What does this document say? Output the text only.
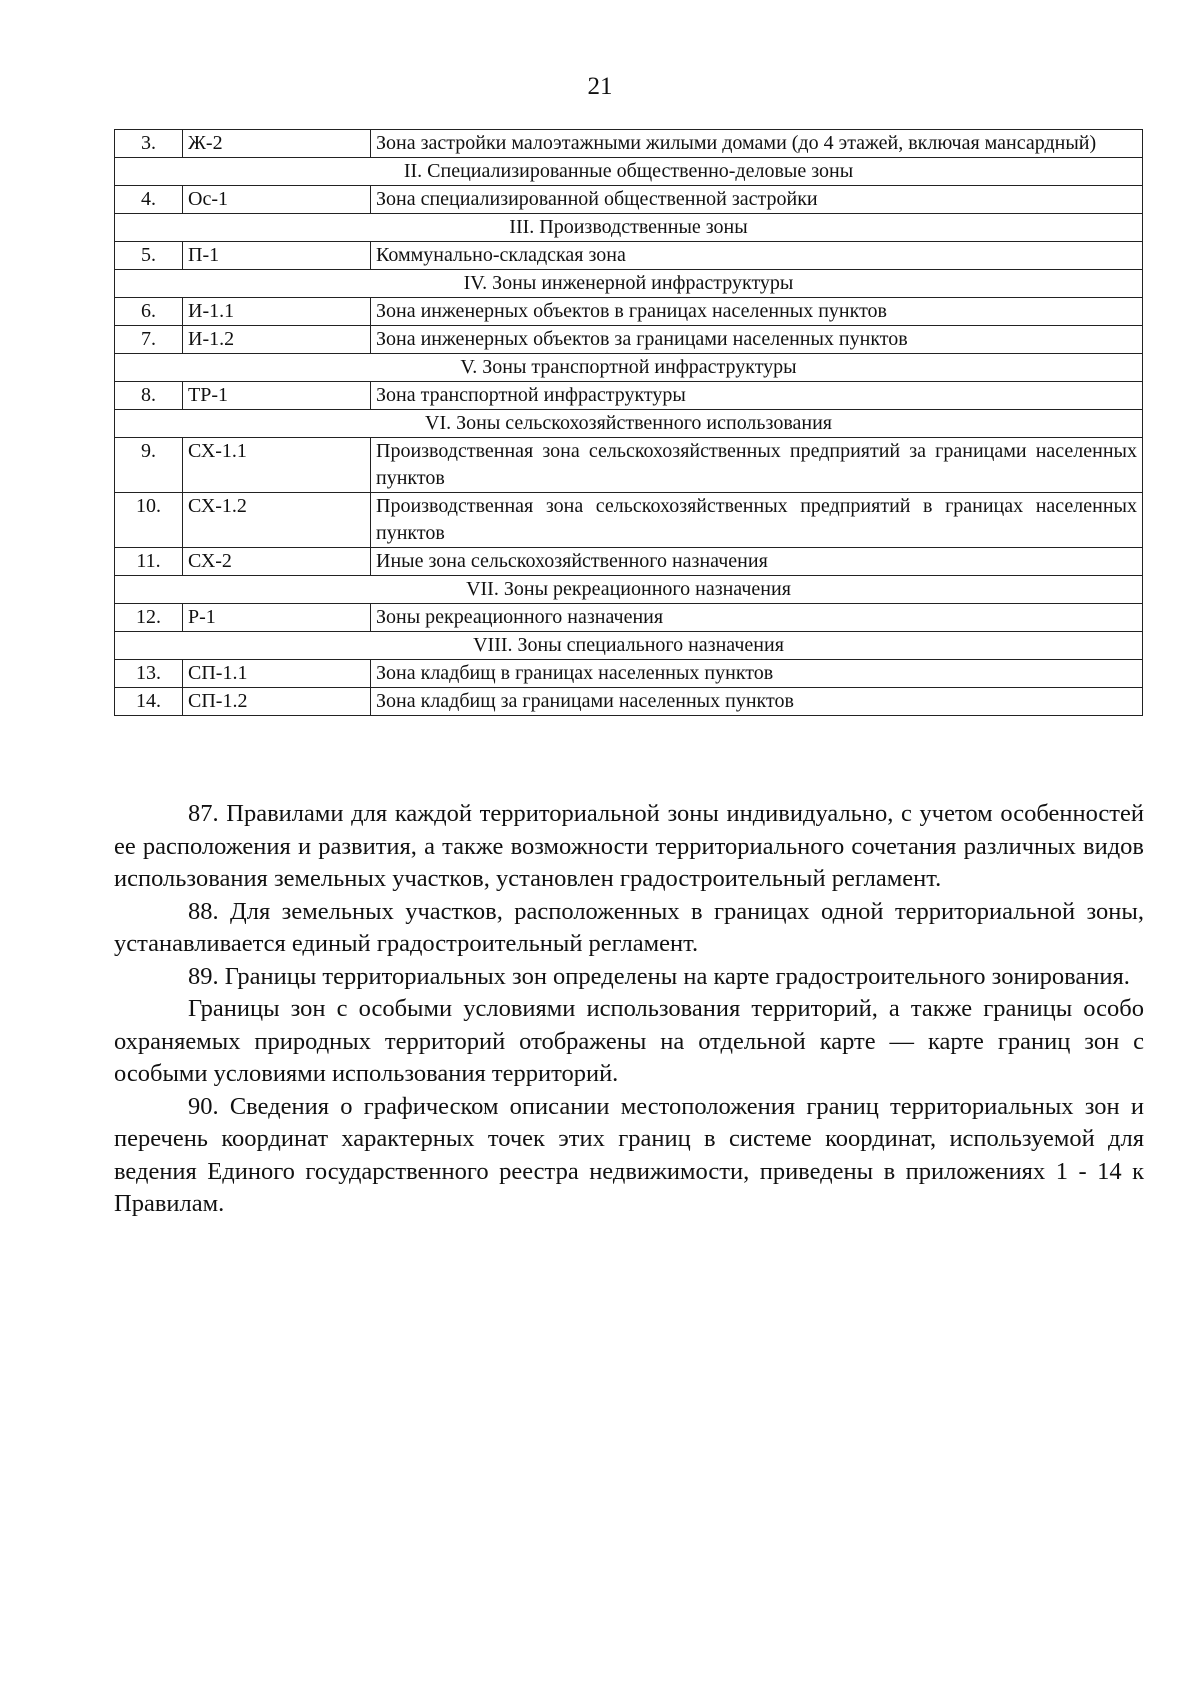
21
3.	Ж-2	Зона застройки малоэтажными жилыми домами (до 4 этажей, включая мансардный)
II. Специализированные общественно-деловые зоны		
4.	Ос-1	Зона специализированной общественной застройки
III. Производственные зоны		
5.	П-1	Коммунально-складская зона
IV. Зоны инженерной инфраструктуры		
6.	И-1.1	Зона инженерных объектов в границах населенных пунктов
7.	И-1.2	Зона инженерных объектов за границами населенных пунктов
V. Зоны транспортной инфраструктуры		
8.	ТР-1	Зона транспортной инфраструктуры
VI. Зоны сельскохозяйственного использования		
9.	СХ-1.1	Производственная зона сельскохозяйственных предприятий за границами населенных пунктов
10.	СХ-1.2	Производственная зона сельскохозяйственных предприятий в границах населенных пунктов
11.	СХ-2	Иные зона сельскохозяйственного назначения
VII. Зоны рекреационного назначения		
12.	Р-1	Зоны рекреационного назначения
VIII. Зоны специального назначения		
13.	СП-1.1	Зона кладбищ в границах населенных пунктов
14.	СП-1.2	Зона кладбищ за границами населенных пунктов

87. Правилами для каждой территориальной зоны индивидуально, с учетом особенностей ее расположения и развития, а также возможности территориального сочетания различных видов использования земельных участков, установлен градостроительный регламент.

88. Для земельных участков, расположенных в границах одной территориальной зоны, устанавливается единый градостроительный регламент.

89. Границы территориальных зон определены на карте градостроительного зонирования.

Границы зон с особыми условиями использования территорий, а также границы особо охраняемых природных территорий отображены на отдельной карте — карте границ зон с особыми условиями использования территорий.

90. Сведения о графическом описании местоположения границ территориальных зон и перечень координат характерных точек этих границ в системе координат, используемой для ведения Единого государственного реестра недвижимости, приведены в приложениях 1 - 14 к Правилам.
